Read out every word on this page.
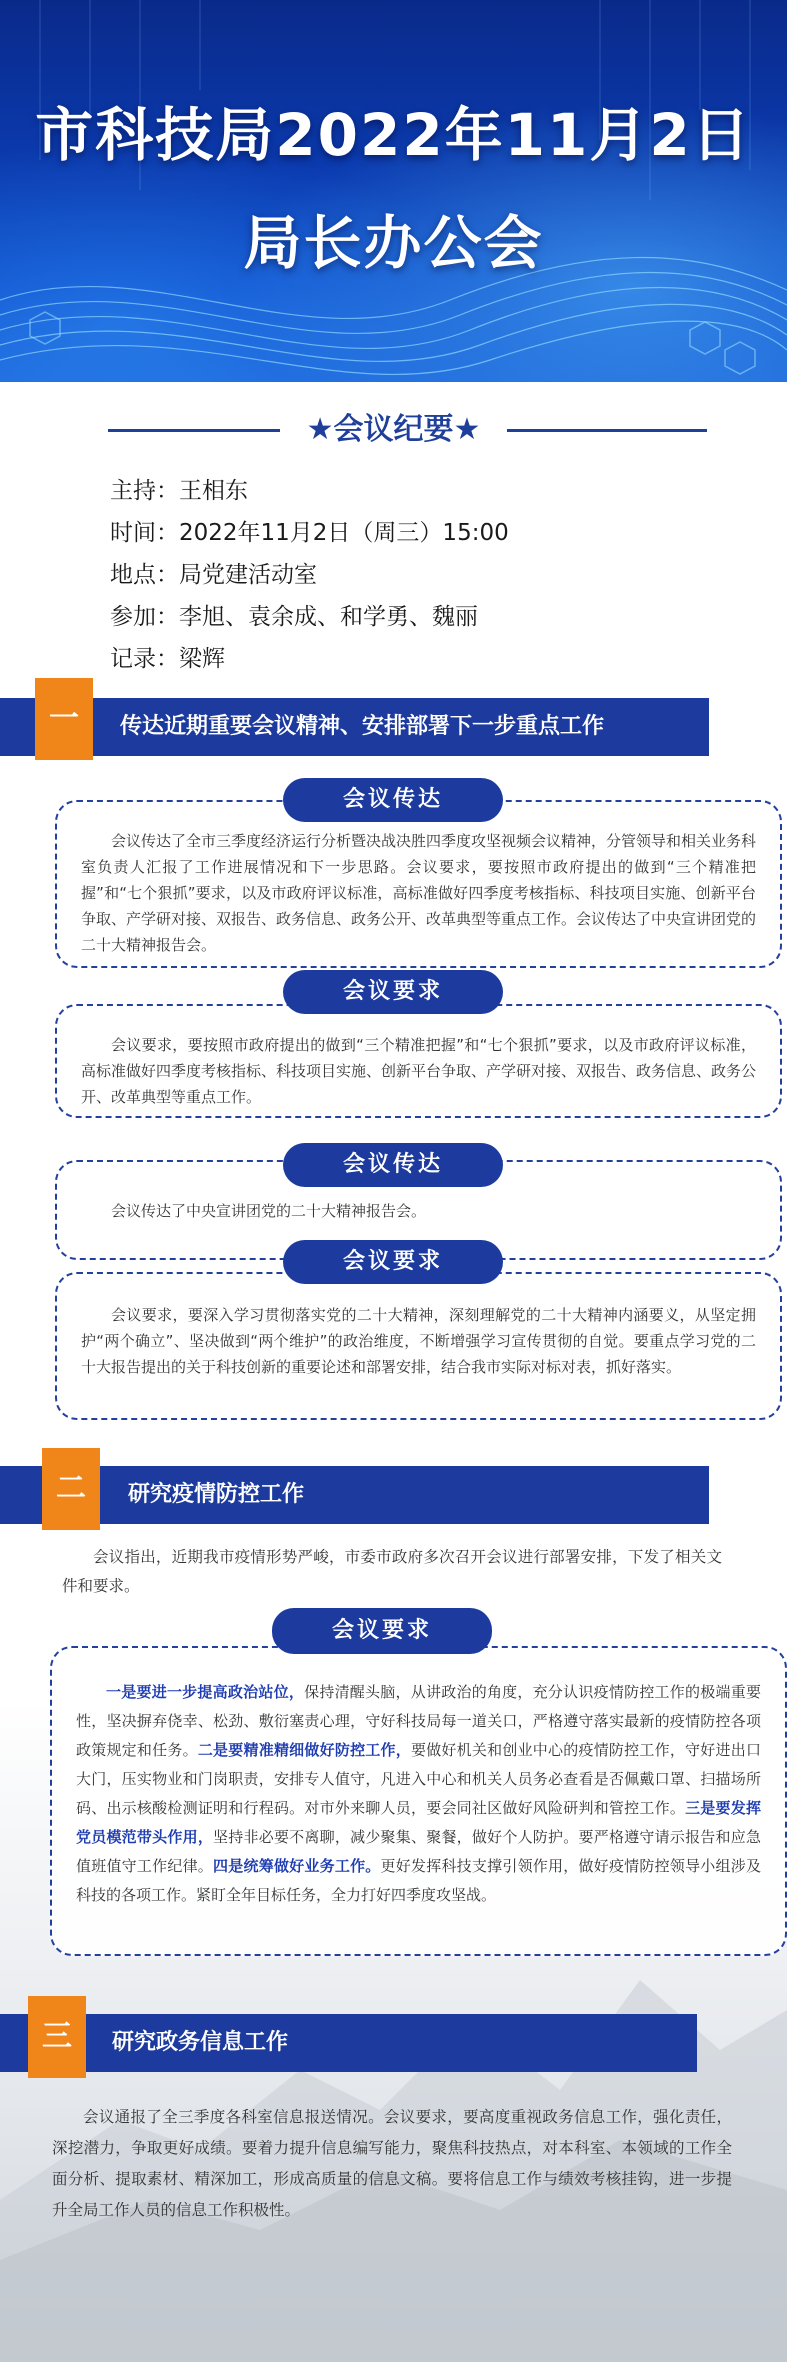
市科技局2022年11月2日
局长办公会
★会议纪要★
主持：王相东
时间：2022年11月2日（周三）15:00
地点：局党建活动室
参加：李旭、袁余成、和学勇、魏丽
记录：梁辉
一	传达近期重要会议精神、安排部署下一步重点工作

会议传达了全市三季度经济运行分析暨决战决胜四季度攻坚视频会议精神，分管领导和相关业务科室负责人汇报了工作进展情况和下一步思路。会议要求，要按照市政府提出的做到“三个精准把握”和“七个狠抓”要求，以及市政府评议标准，高标准做好四季度考核指标、科技项目实施、创新平台争取、产学研对接、双报告、政务信息、政务公开、改革典型等重点工作。会议传达了中央宣讲团党的二十大精神报告会。

会议传达

会议要求，要按照市政府提出的做到“三个精准把握”和“七个狠抓”要求，以及市政府评议标准，高标准做好四季度考核指标、科技项目实施、创新平台争取、产学研对接、双报告、政务信息、政务公开、改革典型等重点工作。

会议要求

会议传达了中央宣讲团党的二十大精神报告会。

会议传达

会议要求，要深入学习贯彻落实党的二十大精神，深刻理解党的二十大精神内涵要义，从坚定拥护“两个确立”、坚决做到“两个维护”的政治维度，不断增强学习宣传贯彻的自觉。要重点学习党的二十大报告提出的关于科技创新的重要论述和部署安排，结合我市实际对标对表，抓好落实。

会议要求
二	研究疫情防控工作
会议指出，近期我市疫情形势严峻，市委市政府多次召开会议进行部署安排，下发了相关文件和要求。

一是要进一步提高政治站位，保持清醒头脑，从讲政治的角度，充分认识疫情防控工作的极端重要性，坚决摒弃侥幸、松劲、敷衍塞责心理，守好科技局每一道关口，严格遵守落实最新的疫情防控各项政策规定和任务。二是要精准精细做好防控工作，要做好机关和创业中心的疫情防控工作，守好进出口大门，压实物业和门岗职责，安排专人值守，凡进入中心和机关人员务必查看是否佩戴口罩、扫描场所码、出示核酸检测证明和行程码。对市外来聊人员，要会同社区做好风险研判和管控工作。三是要发挥党员模范带头作用，坚持非必要不离聊，减少聚集、聚餐，做好个人防护。要严格遵守请示报告和应急值班值守工作纪律。四是统筹做好业务工作。更好发挥科技支撑引领作用，做好疫情防控领导小组涉及科技的各项工作。紧盯全年目标任务，全力打好四季度攻坚战。

会议要求
三	研究政务信息工作
会议通报了全三季度各科室信息报送情况。会议要求，要高度重视政务信息工作，强化责任，深挖潜力，争取更好成绩。要着力提升信息编写能力，聚焦科技热点，对本科室、本领域的工作全面分析、提取素材、精深加工，形成高质量的信息文稿。要将信息工作与绩效考核挂钩，进一步提升全局工作人员的信息工作积极性。
